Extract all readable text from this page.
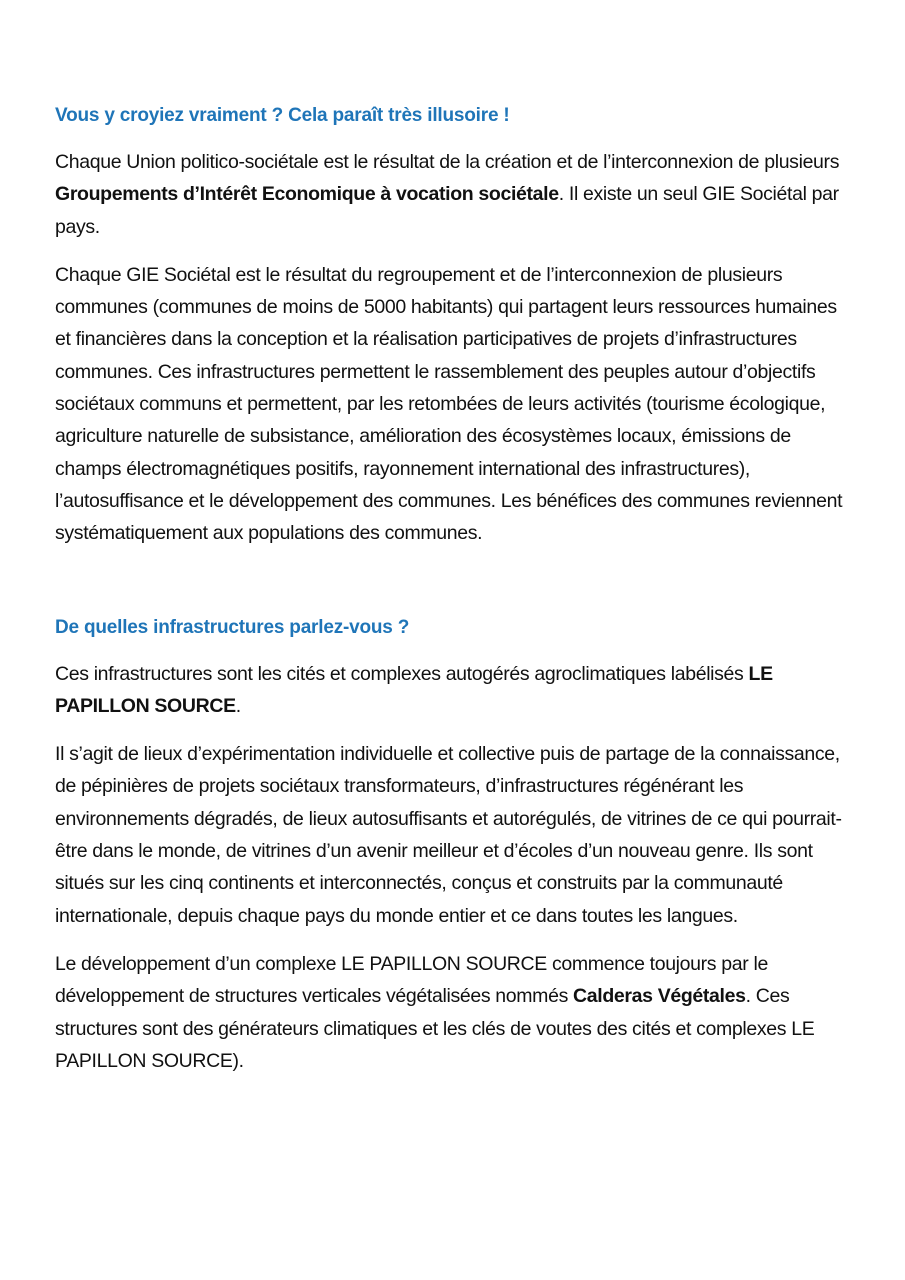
Vous y croyiez vraiment ? Cela paraît très illusoire !

Chaque Union politico-sociétale est le résultat de la création et de l’interconnexion de plusieurs Groupements d’Intérêt Economique à vocation sociétale. Il existe un seul GIE Sociétal par pays.

Chaque GIE Sociétal est le résultat du regroupement et de l’interconnexion de plusieurs communes (communes de moins de 5000 habitants) qui partagent leurs ressources humaines et financières dans la conception et la réalisation participatives de projets d’infrastructures communes. Ces infrastructures permettent le rassemblement des peuples autour d’objectifs sociétaux communs et permettent, par les retombées de leurs activités (tourisme écologique, agriculture naturelle de subsistance, amélioration des écosystèmes locaux, émissions de champs électromagnétiques positifs, rayonnement international des infrastructures), l’autosuffisance et le développement des communes. Les bénéfices des communes reviennent systématiquement aux populations des communes.

De quelles infrastructures parlez-vous ?

Ces infrastructures sont les cités et complexes autogérés agroclimatiques labélisés LE PAPILLON SOURCE.

Il s’agit de lieux d’expérimentation individuelle et collective puis de partage de la connaissance, de pépinières de projets sociétaux transformateurs, d’infrastructures régénérant les environnements dégradés, de lieux autosuffisants et autorégulés, de vitrines de ce qui pourrait-être dans le monde, de vitrines d’un avenir meilleur et d’écoles d’un nouveau genre. Ils sont situés sur les cinq continents et interconnectés, conçus et construits par la communauté internationale, depuis chaque pays du monde entier et ce dans toutes les langues.

Le développement d’un complexe LE PAPILLON SOURCE commence toujours par le développement de structures verticales végétalisées nommés Calderas Végétales. Ces structures sont des générateurs climatiques et les clés de voutes des cités et complexes LE PAPILLON SOURCE).
